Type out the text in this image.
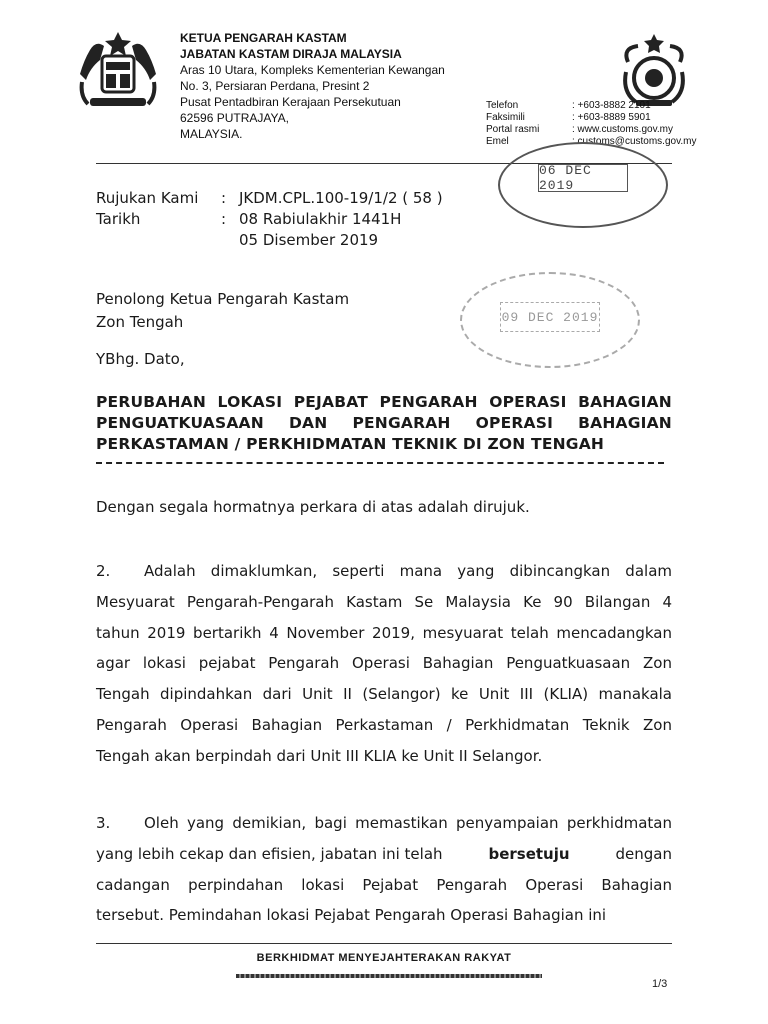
KETUA PENGARAH KASTAM
JABATAN KASTAM DIRAJA MALAYSIA
Aras 10 Utara, Kompleks Kementerian Kewangan
No. 3, Persiaran Perdana, Presint 2
Pusat Pentadbiran Kerajaan Persekutuan
62596 PUTRAJAYA,
MALAYSIA.
Telefon	: +603-8882 2101
Faksimili	: +603-8889 5901
Portal rasmi	: www.customs.gov.my
Emel	: customs@customs.gov.my
06 DEC 2019
09 DEC 2019
Rujukan Kami	: JKDM.CPL.100-19/1/2 ( 58 )
Tarikh	: 08 Rabiulakhir 1441H
05 Disember 2019
Penolong Ketua Pengarah Kastam
Zon Tengah
YBhg. Dato,
PERUBAHAN LOKASI PEJABAT PENGARAH OPERASI BAHAGIAN
PENGUATKUASAAN DAN PENGARAH OPERASI BAHAGIAN
PERKASTAMAN / PERKHIDMATAN TEKNIK DI ZON TENGAH
Dengan segala hormatnya perkara di atas adalah dirujuk.
2.	Adalah dimaklumkan, seperti mana yang dibincangkan dalam
Mesyuarat Pengarah-Pengarah Kastam Se Malaysia Ke 90 Bilangan 4
tahun 2019 bertarikh 4 November 2019, mesyuarat telah mencadangkan
agar lokasi pejabat Pengarah Operasi Bahagian Penguatkuasaan Zon
Tengah dipindahkan dari Unit II (Selangor) ke Unit III (KLIA) manakala
Pengarah Operasi Bahagian Perkastaman / Perkhidmatan Teknik Zon
Tengah akan berpindah dari Unit III KLIA ke Unit II Selangor.
3.	Oleh yang demikian, bagi memastikan penyampaian perkhidmatan
yang lebih cekap dan efisien, jabatan ini telah	bersetuju	dengan
cadangan perpindahan lokasi Pejabat Pengarah Operasi Bahagian
tersebut. Pemindahan lokasi Pejabat Pengarah Operasi Bahagian ini
BERKHIDMAT MENYEJAHTERAKAN RAKYAT
1/3
